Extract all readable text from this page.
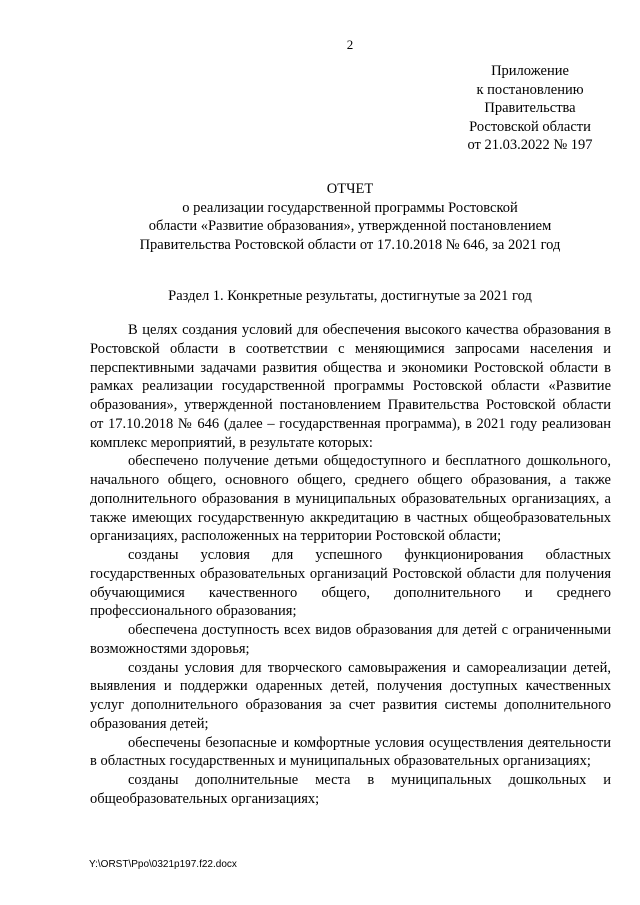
2
Приложение
к постановлению
Правительства
Ростовской области
от 21.03.2022 № 197
ОТЧЕТ
о реализации государственной программы Ростовской
области «Развитие образования», утвержденной постановлением
Правительства Ростовской области от 17.10.2018 № 646, за 2021 год
Раздел 1. Конкретные результаты, достигнутые за 2021 год

В целях создания условий для обеспечения высокого качества образования в Ростовской области в соответствии с меняющимися запросами населения и перспективными задачами развития общества и экономики Ростовской области в рамках реализации государственной программы Ростовской области «Развитие образования», утвержденной постановлением Правительства Ростовской области от 17.10.2018 № 646 (далее – государственная программа), в 2021 году реализован комплекс мероприятий, в результате которых:

обеспечено получение детьми общедоступного и бесплатного дошкольного, начального общего, основного общего, среднего общего образования, а также дополнительного образования в муниципальных образовательных организациях, а также имеющих государственную аккредитацию в частных общеобразовательных организациях, расположенных на территории Ростовской области;

созданы условия для успешного функционирования областных государственных образовательных организаций Ростовской области для получения обучающимися качественного общего, дополнительного и среднего профессионального образования;

обеспечена доступность всех видов образования для детей с ограниченными возможностями здоровья;

созданы условия для творческого самовыражения и самореализации детей, выявления и поддержки одаренных детей, получения доступных качественных услуг дополнительного образования за счет развития системы дополнительного образования детей;

обеспечены безопасные и комфортные условия осуществления деятельности в областных государственных и муниципальных образовательных организациях;

созданы дополнительные места в муниципальных дошкольных и общеобразовательных организациях;

Y:\ORST\Ppo\0321p197.f22.docx
